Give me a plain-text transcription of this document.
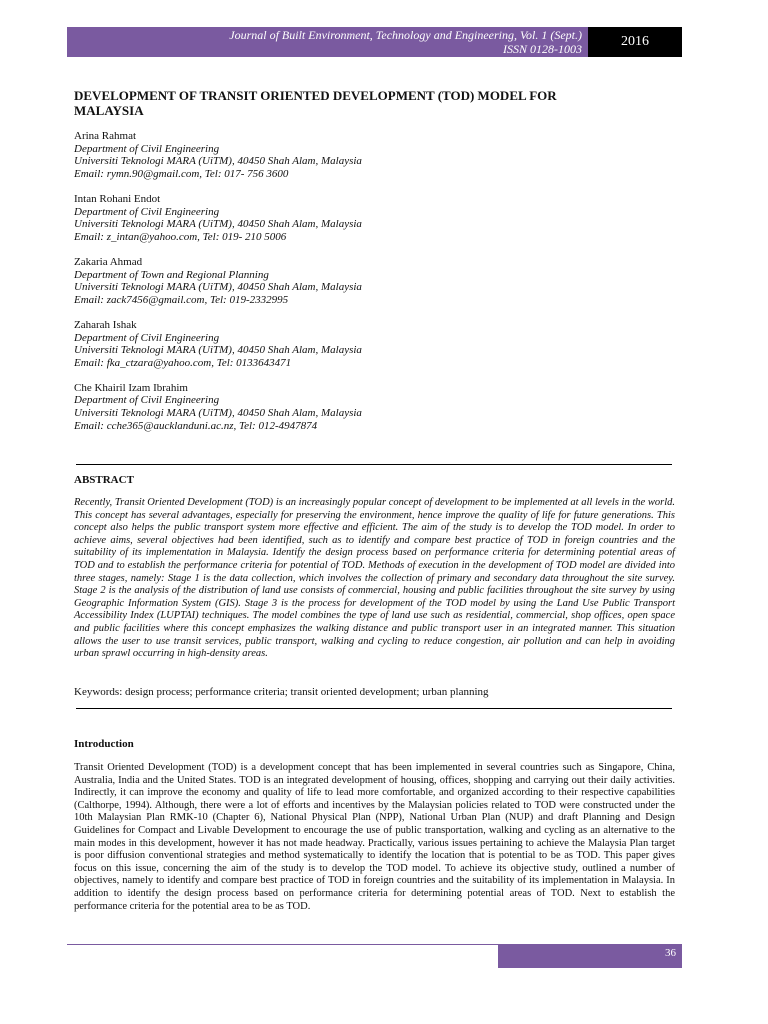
Journal of Built Environment, Technology and Engineering, Vol. 1 (Sept.)
ISSN 0128-1003	2016
DEVELOPMENT OF TRANSIT ORIENTED DEVELOPMENT (TOD) MODEL FOR
MALAYSIA
Arina Rahmat
Department of Civil Engineering
Universiti Teknologi MARA (UiTM), 40450 Shah Alam, Malaysia
Email: rymn.90@gmail.com, Tel: 017- 756 3600
Intan Rohani Endot
Department of Civil Engineering
Universiti Teknologi MARA (UiTM), 40450 Shah Alam, Malaysia
Email: z_intan@yahoo.com, Tel: 019- 210 5006
Zakaria Ahmad
Department of Town and Regional Planning
Universiti Teknologi MARA (UiTM), 40450 Shah Alam, Malaysia
Email: zack7456@gmail.com, Tel: 019-2332995
Zaharah Ishak
Department of Civil Engineering
Universiti Teknologi MARA (UiTM), 40450 Shah Alam, Malaysia
Email: fka_ctzara@yahoo.com, Tel: 0133643471
Che Khairil Izam Ibrahim
Department of Civil Engineering
Universiti Teknologi MARA (UiTM), 40450 Shah Alam, Malaysia
Email: cche365@aucklanduni.ac.nz, Tel: 012-4947874
ABSTRACT

Recently, Transit Oriented Development (TOD) is an increasingly popular concept of development to be implemented at all levels in the world. This concept has several advantages, especially for preserving the environment, hence improve the quality of life for future generations. This concept also helps the public transport system more effective and efficient. The aim of the study is to develop the TOD model. In order to achieve aims, several objectives had been identified, such as to identify and compare best practice of TOD in foreign countries and the suitability of its implementation in Malaysia. Identify the design process based on performance criteria for determining potential areas of TOD and to establish the performance criteria for potential of TOD. Methods of execution in the development of TOD model are divided into three stages, namely: Stage 1 is the data collection, which involves the collection of primary and secondary data throughout the site survey. Stage 2 is the analysis of the distribution of land use consists of commercial, housing and public facilities throughout the site survey by using Geographic Information System (GIS). Stage 3 is the process for development of the TOD model by using the Land Use Public Transport Accessibility Index (LUPTAI) techniques. The model combines the type of land use such as residential, commercial, shop offices, open space and public facilities where this concept emphasizes the walking distance and public transport user in an integrated manner. This situation allows the user to use transit services, public transport, walking and cycling to reduce congestion, air pollution and can help in avoiding urban sprawl occurring in high-density areas.

Keywords: design process; performance criteria; transit oriented development; urban planning

Introduction

Transit Oriented Development (TOD) is a development concept that has been implemented in several countries such as Singapore, China, Australia, India and the United States. TOD is an integrated development of housing, offices, shopping and carrying out their daily activities. Indirectly, it can improve the economy and quality of life to lead more comfortable, and organized according to their respective capabilities (Calthorpe, 1994). Although, there were a lot of efforts and incentives by the Malaysian policies related to TOD were constructed under the 10th Malaysian Plan RMK-10 (Chapter 6), National Physical Plan (NPP), National Urban Plan (NUP) and draft Planning and Design Guidelines for Compact and Livable Development to encourage the use of public transportation, walking and cycling as an alternative to the main modes in this development, however it has not made headway. Practically, various issues pertaining to achieve the Malaysia Plan target is poor diffusion conventional strategies and method systematically to identify the location that is potential to be as TOD. This paper gives focus on this issue, concerning the aim of the study is to develop the TOD model. To achieve its objective study, outlined a number of objectives, namely to identify and compare best practice of TOD in foreign countries and the suitability of its implementation in Malaysia. In addition to identify the design process based on performance criteria for determining potential areas of TOD. Next to establish the performance criteria for the potential area to be as TOD.

36
